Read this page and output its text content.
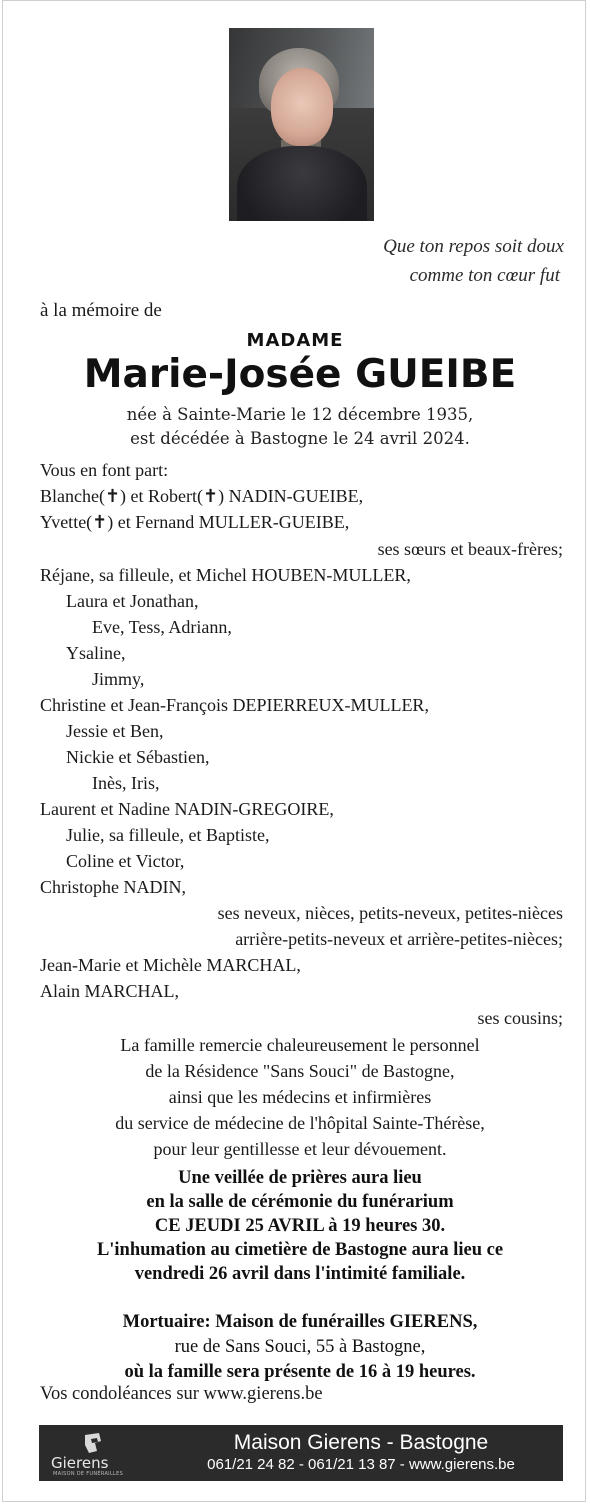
Que ton repos soit doux
comme ton cœur fut
à la mémoire de
MADAME
Marie-Josée GUEIBE
née à Sainte-Marie le 12 décembre 1935,
est décédée à Bastogne le 24 avril 2024.
Vous en font part:
Blanche(✝) et Robert(✝) NADIN-GUEIBE,
Yvette(✝) et Fernand MULLER-GUEIBE,
ses sœurs et beaux-frères;
Réjane, sa filleule, et Michel HOUBEN-MULLER,
Laura et Jonathan,
Eve, Tess, Adriann,
Ysaline,
Jimmy,
Christine et Jean-François DEPIERREUX-MULLER,
Jessie et Ben,
Nickie et Sébastien,
Inès, Iris,
Laurent et Nadine NADIN-GREGOIRE,
Julie, sa filleule, et Baptiste,
Coline et Victor,
Christophe NADIN,
ses neveux, nièces, petits-neveux, petites-nièces
arrière-petits-neveux et arrière-petites-nièces;
Jean-Marie et Michèle MARCHAL,
Alain MARCHAL,
ses cousins;
La famille remercie chaleureusement le personnel
de la Résidence "Sans Souci" de Bastogne,
ainsi que les médecins et infirmières
du service de médecine de l'hôpital Sainte-Thérèse,
pour leur gentillesse et leur dévouement.
Une veillée de prières aura lieu
en la salle de cérémonie du funérarium
CE JEUDI 25 AVRIL à 19 heures 30.
L'inhumation au cimetière de Bastogne aura lieu ce
vendredi 26 avril dans l'intimité familiale.
Mortuaire: Maison de funérailles GIERENS,
rue de Sans Souci, 55 à Bastogne,
où la famille sera présente de 16 à 19 heures.
Vos condoléances sur www.gierens.be
Gierens
MAISON DE FUNÉRAILLES
Maison Gierens - Bastogne
061/21 24 82 - 061/21 13 87 - www.gierens.be
